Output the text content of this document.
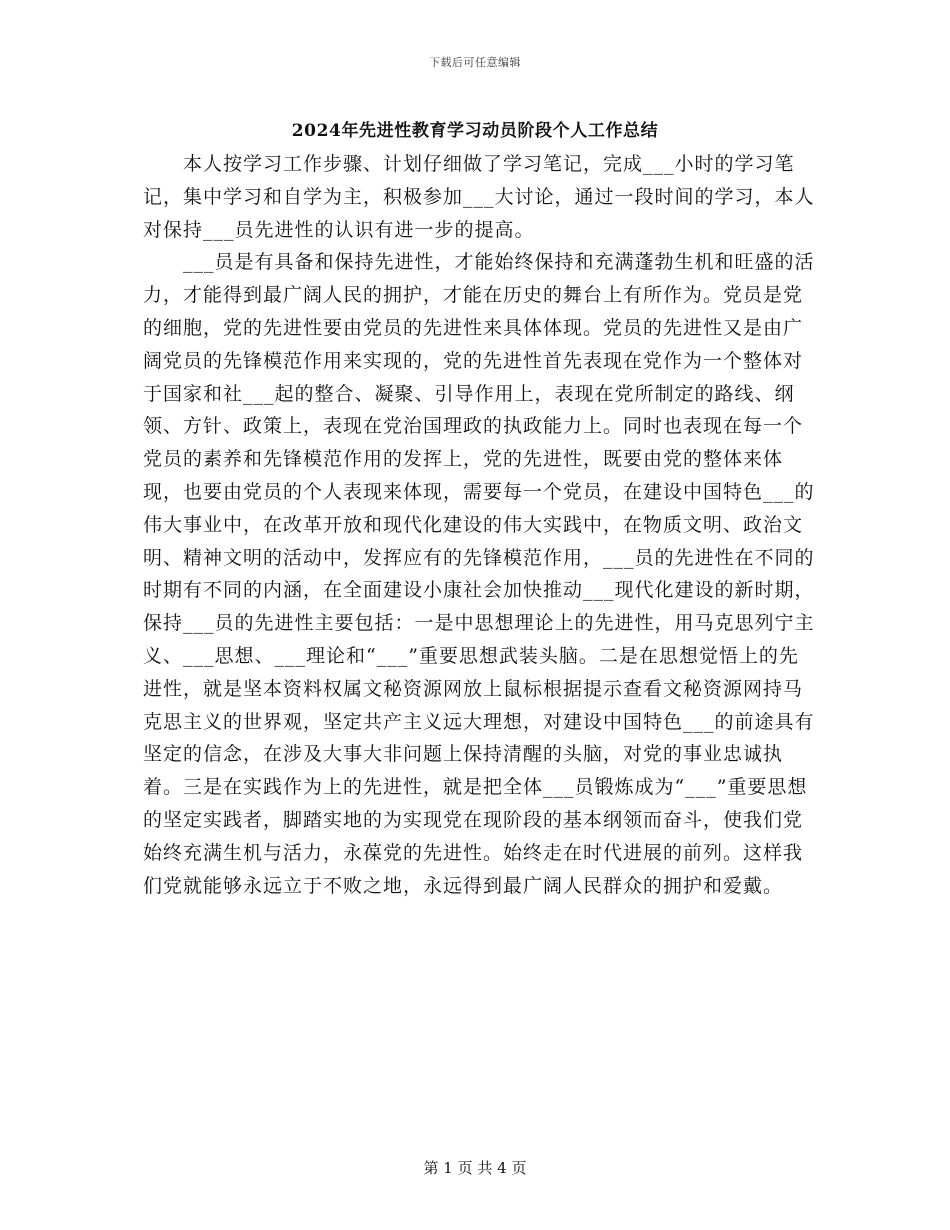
下载后可任意编辑
2024年先进性教育学习动员阶段个人工作总结

本人按学习工作步骤、计划仔细做了学习笔记，完成___小时的学习笔记，集中学习和自学为主，积极参加___大讨论，通过一段时间的学习，本人对保持___员先进性的认识有进一步的提高。

___员是有具备和保持先进性，才能始终保持和充满蓬勃生机和旺盛的活力，才能得到最广阔人民的拥护，才能在历史的舞台上有所作为。党员是党的细胞，党的先进性要由党员的先进性来具体体现。党员的先进性又是由广阔党员的先锋模范作用来实现的，党的先进性首先表现在党作为一个整体对于国家和社___起的整合、凝聚、引导作用上，表现在党所制定的路线、纲领、方针、政策上，表现在党治国理政的执政能力上。同时也表现在每一个党员的素养和先锋模范作用的发挥上，党的先进性，既要由党的整体来体现，也要由党员的个人表现来体现，需要每一个党员，在建设中国特色___的伟大事业中，在改革开放和现代化建设的伟大实践中，在物质文明、政治文明、精神文明的活动中，发挥应有的先锋模范作用，___员的先进性在不同的时期有不同的内涵，在全面建设小康社会加快推动___现代化建设的新时期，保持___员的先进性主要包括：一是中思想理论上的先进性，用马克思列宁主义、___思想、___理论和“___”重要思想武装头脑。二是在思想觉悟上的先进性，就是坚本资料权属文秘资源网放上鼠标根据提示查看文秘资源网持马克思主义的世界观，坚定共产主义远大理想，对建设中国特色___的前途具有坚定的信念，在涉及大事大非问题上保持清醒的头脑，对党的事业忠诚执着。三是在实践作为上的先进性，就是把全体___员锻炼成为“___”重要思想的坚定实践者，脚踏实地的为实现党在现阶段的基本纲领而奋斗，使我们党始终充满生机与活力，永葆党的先进性。始终走在时代进展的前列。这样我们党就能够永远立于不败之地，永远得到最广阔人民群众的拥护和爱戴。

第 1 页 共 4 页
